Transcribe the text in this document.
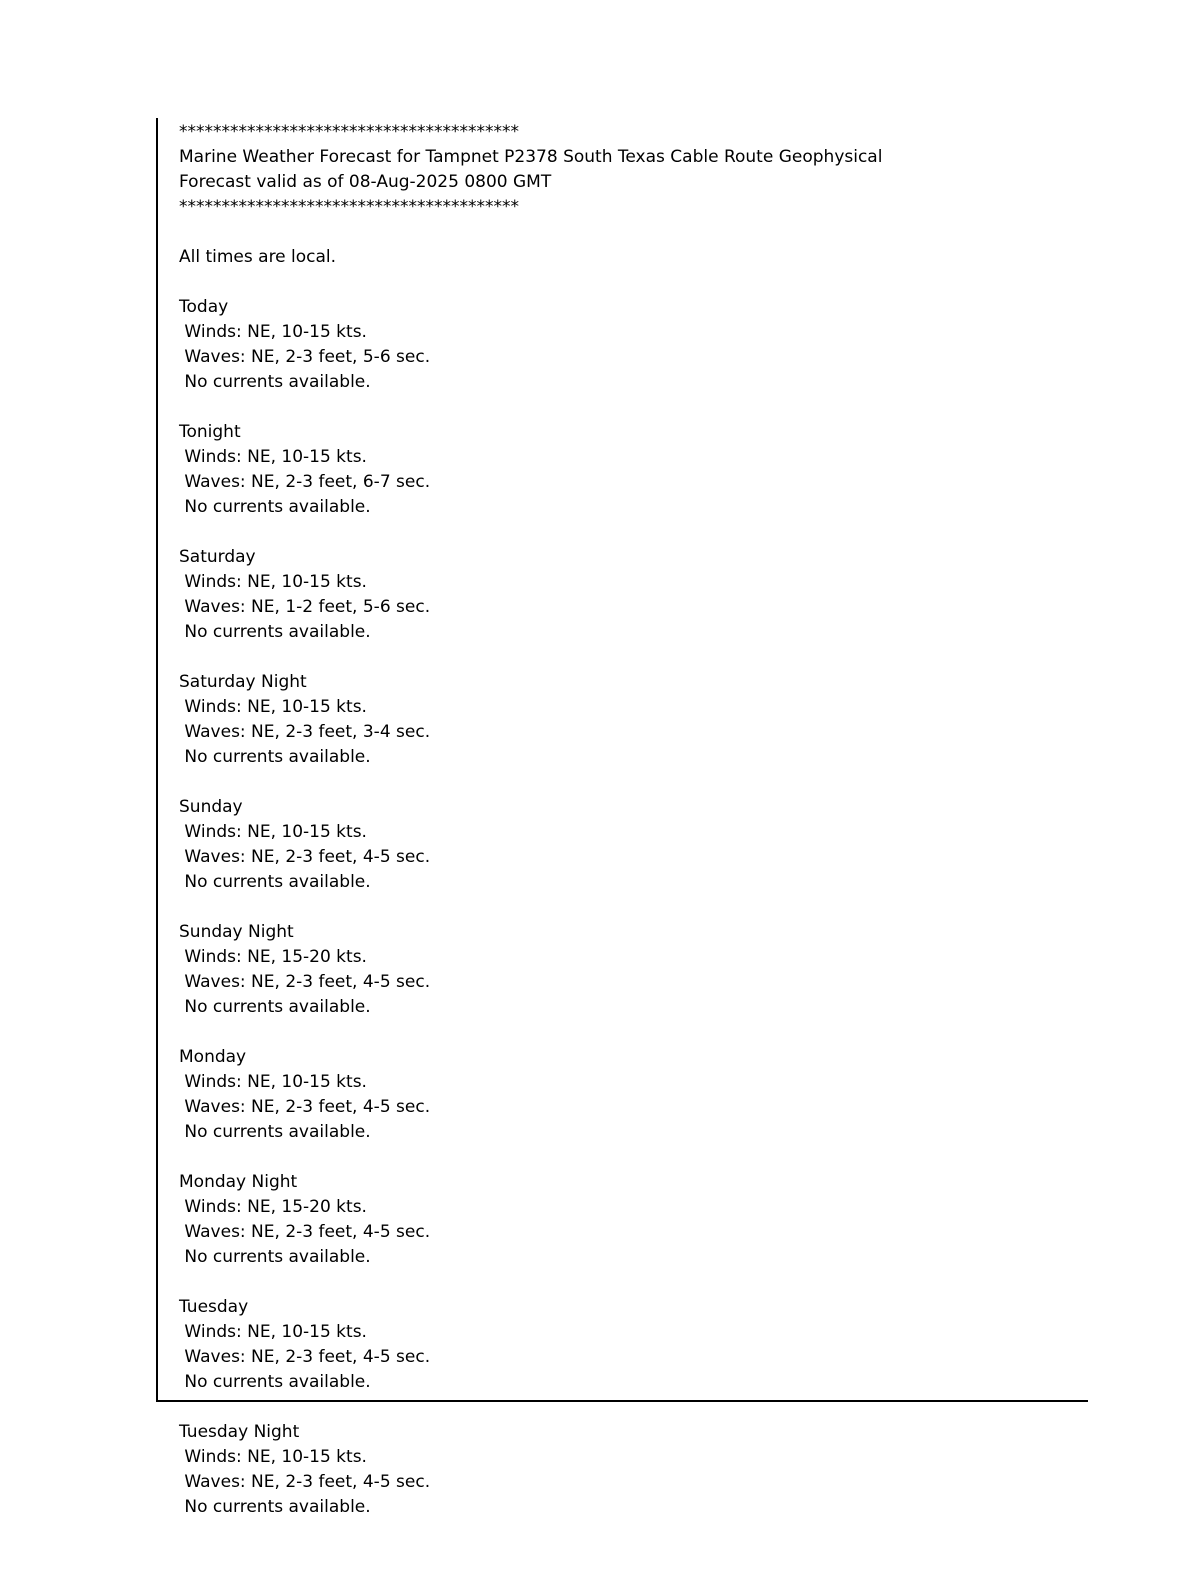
****************************************
Marine Weather Forecast for Tampnet P2378 South Texas Cable Route Geophysical
Forecast valid as of 08-Aug-2025 0800 GMT
****************************************
All times are local.
Today
Winds: NE, 10-15 kts.
Waves: NE, 2-3 feet, 5-6 sec.
No currents available.
Tonight
Winds: NE, 10-15 kts.
Waves: NE, 2-3 feet, 6-7 sec.
No currents available.
Saturday
Winds: NE, 10-15 kts.
Waves: NE, 1-2 feet, 5-6 sec.
No currents available.
Saturday Night
Winds: NE, 10-15 kts.
Waves: NE, 2-3 feet, 3-4 sec.
No currents available.
Sunday
Winds: NE, 10-15 kts.
Waves: NE, 2-3 feet, 4-5 sec.
No currents available.
Sunday Night
Winds: NE, 15-20 kts.
Waves: NE, 2-3 feet, 4-5 sec.
No currents available.
Monday
Winds: NE, 10-15 kts.
Waves: NE, 2-3 feet, 4-5 sec.
No currents available.
Monday Night
Winds: NE, 15-20 kts.
Waves: NE, 2-3 feet, 4-5 sec.
No currents available.
Tuesday
Winds: NE, 10-15 kts.
Waves: NE, 2-3 feet, 4-5 sec.
No currents available.
Tuesday Night
Winds: NE, 10-15 kts.
Waves: NE, 2-3 feet, 4-5 sec.
No currents available.
